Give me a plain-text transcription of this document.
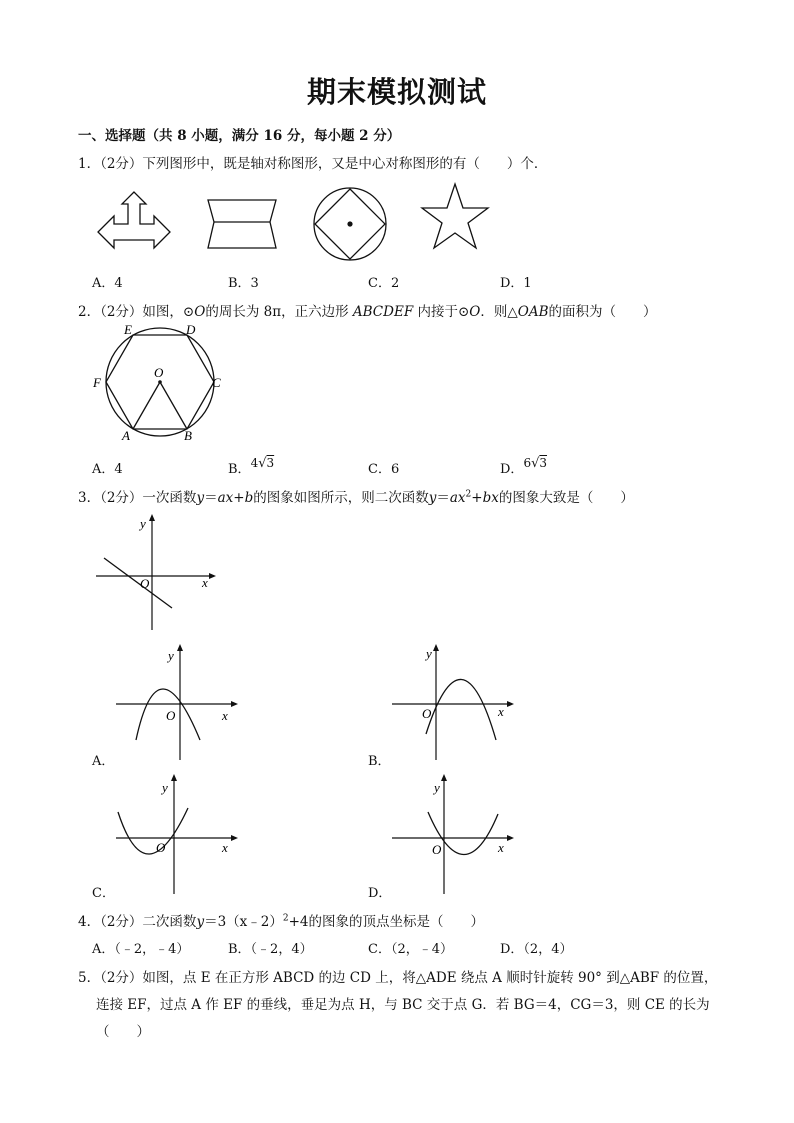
期末模拟测试
一、选择题（共 8 小题，满分 16 分，每小题 2 分）
1．（2分）下列图形中，既是轴对称图形，又是中心对称图形的有（　　）个．
A．4	B．3	C．2	D．1
2．（2分）如图，⊙O的周长为 8π，正六边形 ABCDEF 内接于⊙O．则△OAB的面积为（　　）
E	D
F	C
O
A	B
A．4	B．4√3	C．6	D．6√3
3．（2分）一次函数y＝ax+b的图象如图所示，则二次函数$y=ax^2+bx$的图象大致是（　　）
y
x
O
y
x
O
A．
y
x
O
B．
y
x
O
C．
y
x
O
D．
4．（2分）二次函数y＝3（x﹣2）$^2$+4的图象的顶点坐标是（　　）
A．（﹣2，﹣4）	B．（﹣2，4）	C．（2，﹣4）	D．（2，4）
5．（2分）如图，点 E 在正方形 ABCD 的边 CD 上，将△ADE 绕点 A 顺时针旋转 90° 到△ABF 的位置，
连接 EF，过点 A 作 EF 的垂线，垂足为点 H，与 BC 交于点 G．若 BG＝4，CG＝3，则 CE 的长为
（　　）
